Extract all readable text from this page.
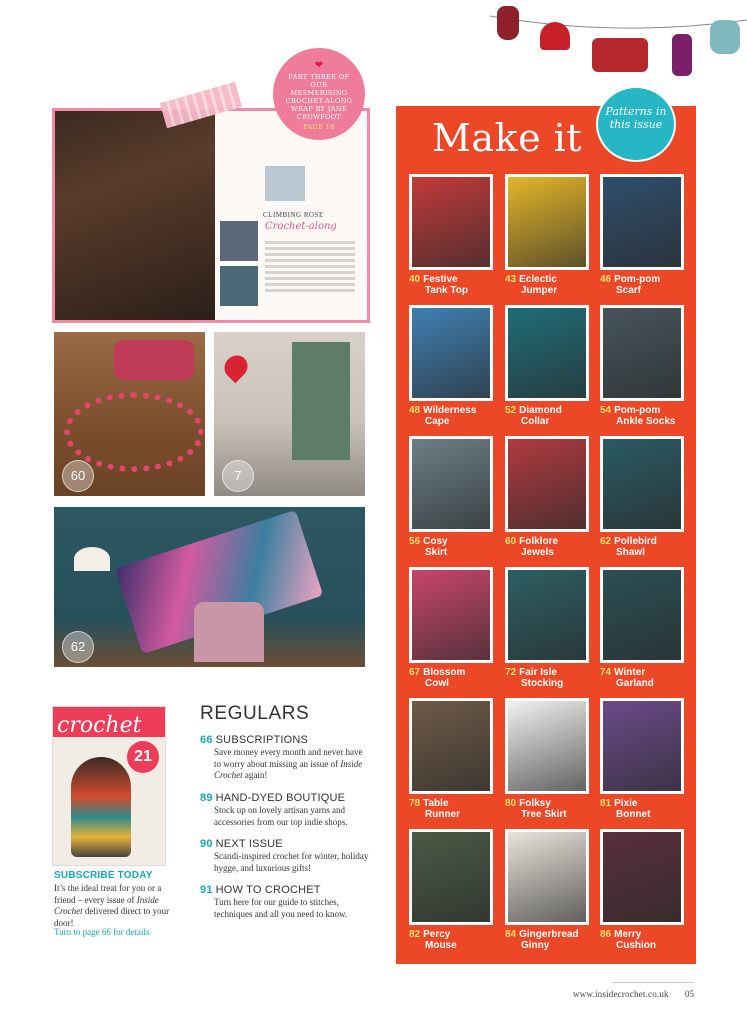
CLIMBING ROSE
Crochet-along
❤
PART THREE OF OUR MESMERISING CROCHET-ALONG WRAP BY JANE CROWFOOT
PAGE 18
60	7
62
crochet
21
SUBSCRIBE TODAY
It’s the ideal treat for you or a friend – every issue of Inside Crochet delivered direct to your door!
Turn to page 66 for details
REGULARS
66 SUBSCRIPTIONS
Save money every month and never have to worry about missing an issue of Inside Crochet again!
89 HAND-DYED BOUTIQUE
Stock up on lovely artisan yarns and accessories from our top indie shops.
90 NEXT ISSUE
Scandi-inspired crochet for winter, holiday hygge, and luxurious gifts!
91 HOW TO CROCHET
Turn here for our guide to stitches, techniques and all you need to know.
Make it
Patterns in this issue
40 Festive
Tank Top
43 Eclectic
Jumper
46 Pom-pom
Scarf
48 Wilderness
Cape
52 Diamond
Collar
54 Pom-pom
Ankle Socks
56 Cosy
Skirt
60 Folklore
Jewels
62 Pollebird
Shawl
67 Blossom
Cowl
72 Fair Isle
Stocking
74 Winter
Garland
78 Table
Runner
80 Folksy
Tree Skirt
81 Pixie
Bonnet
82 Percy
Mouse
84 Gingerbread
Ginny
86 Merry
Cushion
www.insidecrochet.co.uk 05
